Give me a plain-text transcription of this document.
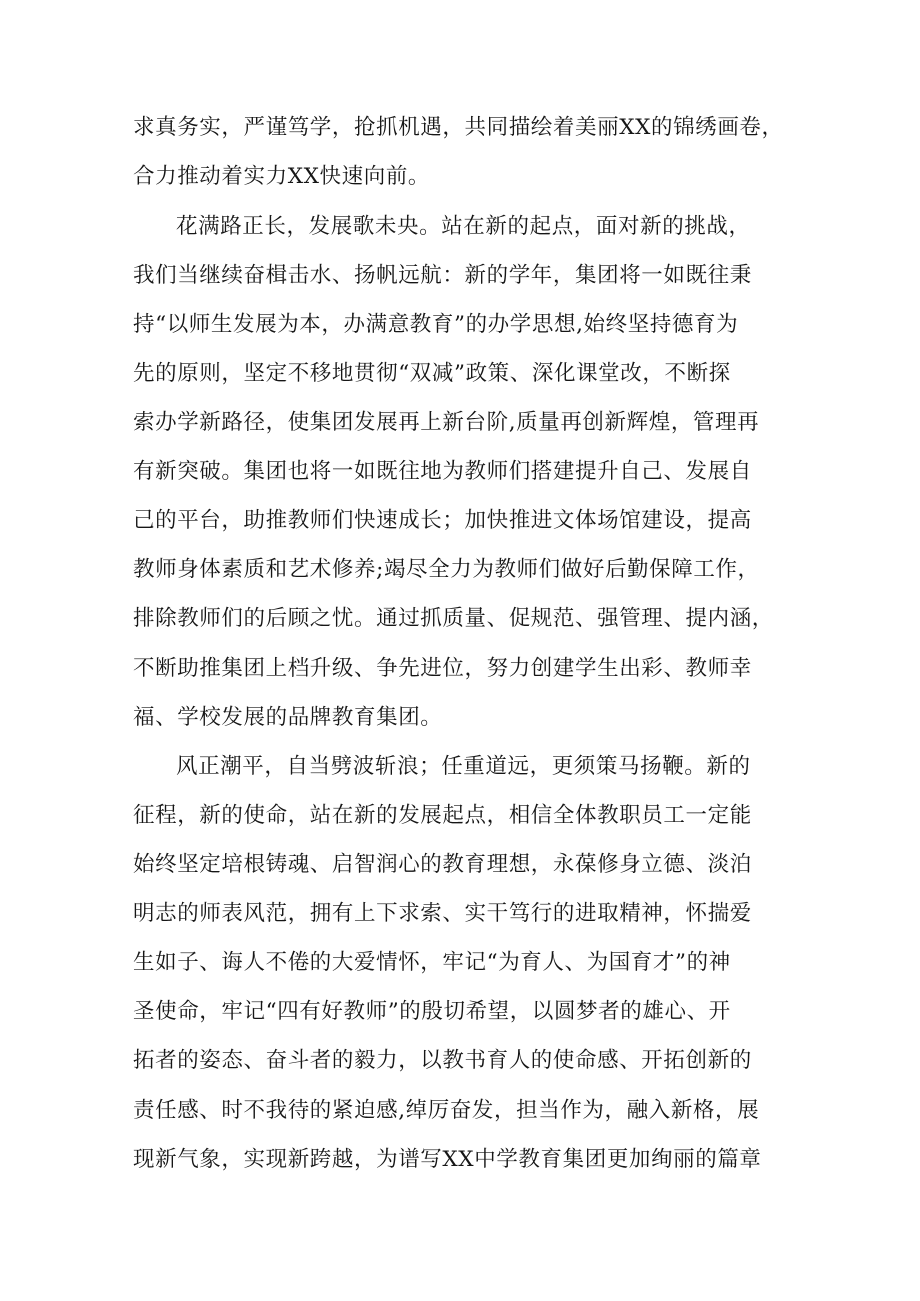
求真务实，严谨笃学，抢抓机遇，共同描绘着美丽XX的锦绣画卷，
合力推动着实力XX快速向前。
花满路正长，发展歌未央。站在新的起点，面对新的挑战，
我们当继续奋楫击水、扬帆远航：新的学年，集团将一如既往秉
持“以师生发展为本，办满意教育”的办学思想,始终坚持德育为
先的原则，坚定不移地贯彻“双减”政策、深化课堂改，不断探
索办学新路径，使集团发展再上新台阶,质量再创新辉煌，管理再
有新突破。集团也将一如既往地为教师们搭建提升自己、发展自
己的平台，助推教师们快速成长；加快推进文体场馆建设，提高
教师身体素质和艺术修养;竭尽全力为教师们做好后勤保障工作，
排除教师们的后顾之忧。通过抓质量、促规范、强管理、提内涵，
不断助推集团上档升级、争先进位，努力创建学生出彩、教师幸
福、学校发展的品牌教育集团。
风正潮平，自当劈波斩浪；任重道远，更须策马扬鞭。新的
征程，新的使命，站在新的发展起点，相信全体教职员工一定能
始终坚定培根铸魂、启智润心的教育理想，永葆修身立德、淡泊
明志的师表风范，拥有上下求索、实干笃行的进取精神，怀揣爱
生如子、诲人不倦的大爱情怀，牢记“为育人、为国育才”的神
圣使命，牢记“四有好教师”的殷切希望，以圆梦者的雄心、开
拓者的姿态、奋斗者的毅力，以教书育人的使命感、开拓创新的
责任感、时不我待的紧迫感,绰厉奋发，担当作为，融入新格，展
现新气象，实现新跨越，为谱写XX中学教育集团更加绚丽的篇章
